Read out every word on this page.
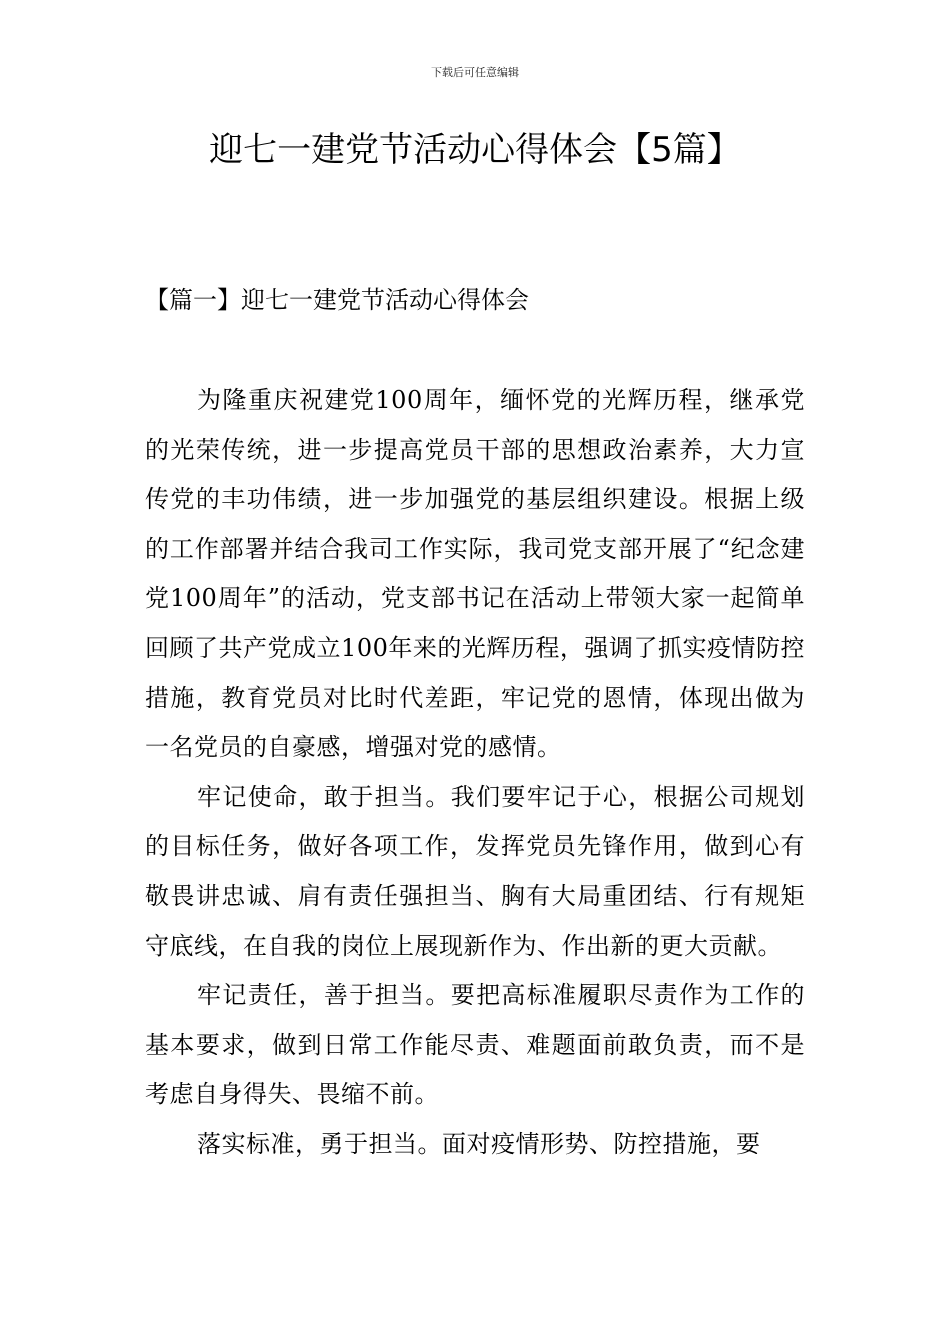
下载后可任意编辑
迎七一建党节活动心得体会【5篇】
【篇一】迎七一建党节活动心得体会

为隆重庆祝建党100周年，缅怀党的光辉历程，继承党的光荣传统，进一步提高党员干部的思想政治素养，大力宣传党的丰功伟绩，进一步加强党的基层组织建设。根据上级的工作部署并结合我司工作实际，我司党支部开展了“纪念建党100周年”的活动，党支部书记在活动上带领大家一起简单回顾了共产党成立100年来的光辉历程，强调了抓实疫情防控措施，教育党员对比时代差距，牢记党的恩情，体现出做为一名党员的自豪感，增强对党的感情。

牢记使命，敢于担当。我们要牢记于心，根据公司规划的目标任务，做好各项工作，发挥党员先锋作用，做到心有敬畏讲忠诚、肩有责任强担当、胸有大局重团结、行有规矩守底线，在自我的岗位上展现新作为、作出新的更大贡献。

牢记责任，善于担当。要把高标准履职尽责作为工作的基本要求，做到日常工作能尽责、难题面前敢负责，而不是考虑自身得失、畏缩不前。

落实标准，勇于担当。面对疫情形势、防控措施，要
